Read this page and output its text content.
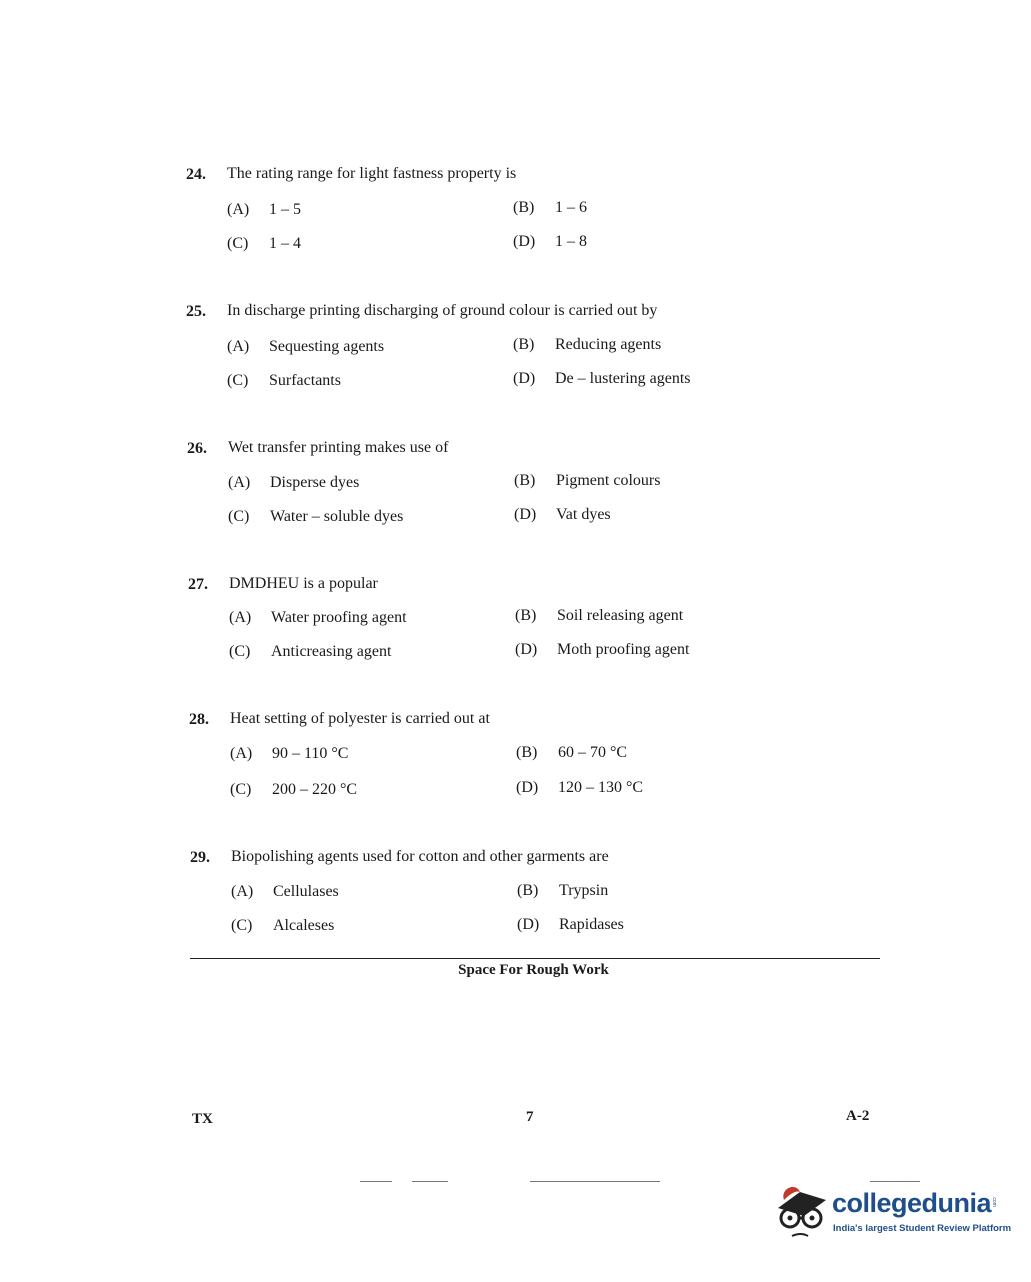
24. The rating range for light fastness property is
(A) 1 – 5	(B) 1 – 6
(C) 1 – 4	(D) 1 – 8
25. In discharge printing discharging of ground colour is carried out by
(A) Sequesting agents	(B) Reducing agents
(C) Surfactants	(D) De – lustering agents
26. Wet transfer printing makes use of
(A) Disperse dyes	(B) Pigment colours
(C) Water – soluble dyes	(D) Vat dyes
27. DMDHEU is a popular
(A) Water proofing agent	(B) Soil releasing agent
(C) Anticreasing agent	(D) Moth proofing agent
28. Heat setting of polyester is carried out at
(A) 90 – 110 °C	(B) 60 – 70 °C
(C) 200 – 220 °C	(D) 120 – 130 °C
29. Biopolishing agents used for cotton and other garments are
(A) Cellulases	(B) Trypsin
(C) Alcaleses	(D) Rapidases
Space For Rough Work
TX	7	A-2
collegedunia .com
India's largest Student Review Platform
